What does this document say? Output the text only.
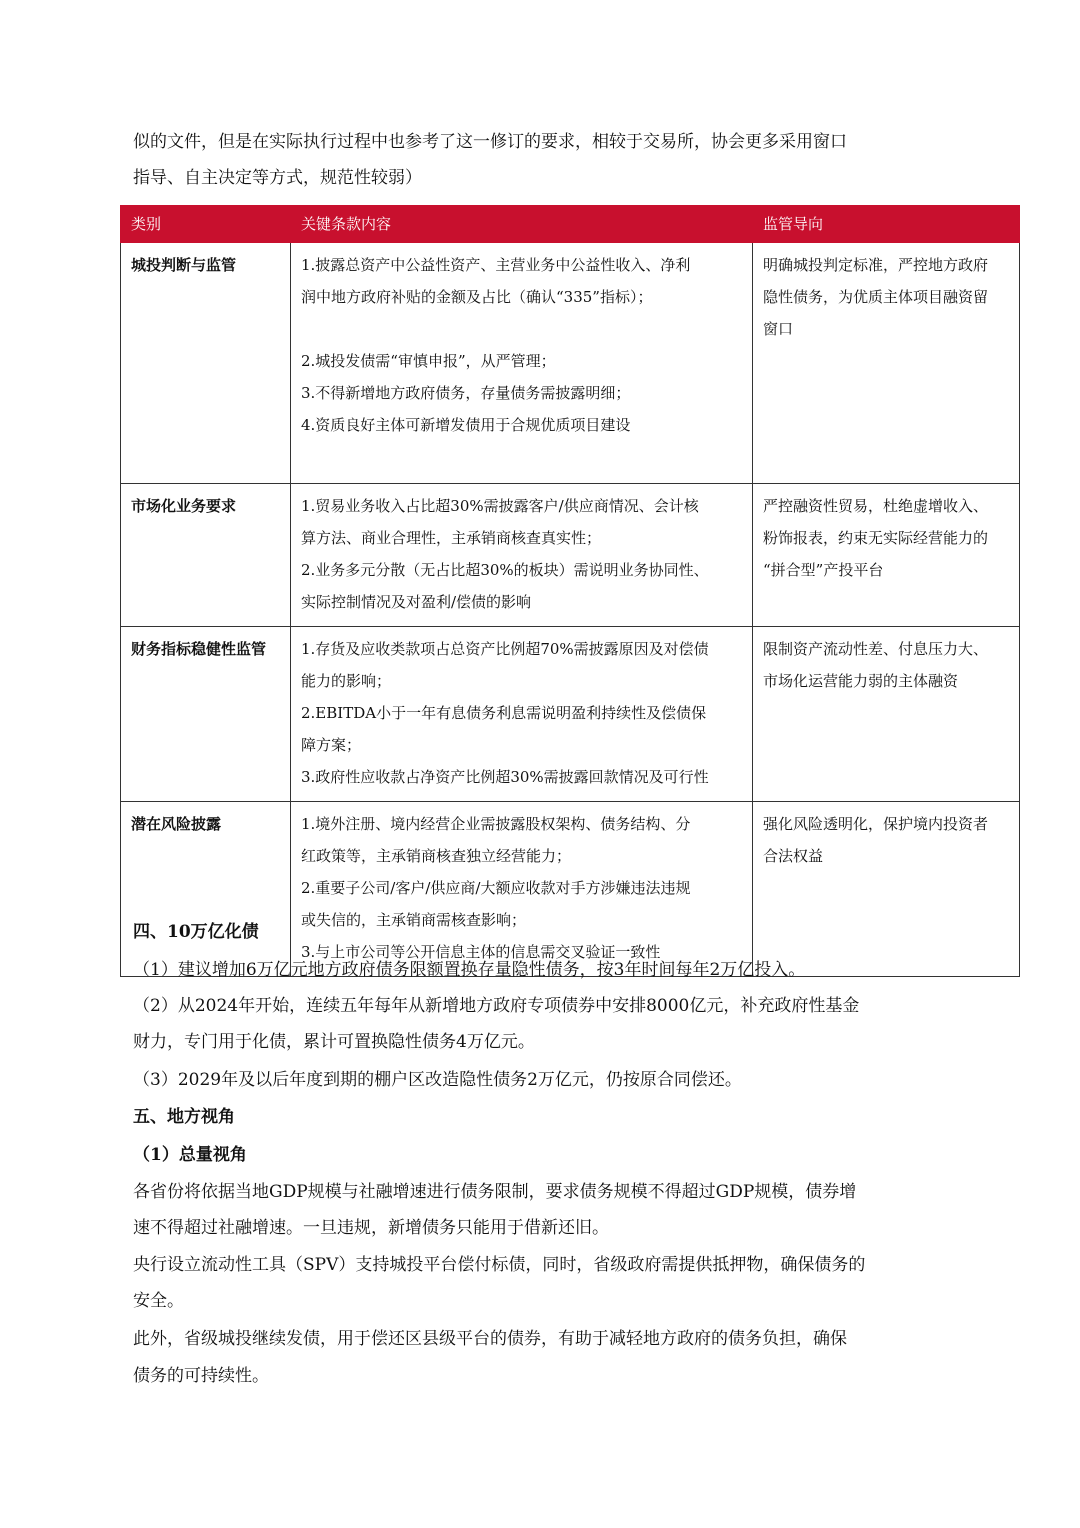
似的文件，但是在实际执行过程中也参考了这一修订的要求，相较于交易所，协会更多采用窗口

指导、自主决定等方式，规范性较弱）

类别	关键条款内容	监管导向
城投判断与监管	1.披露总资产中公益性资产、主营业务中公益性收入、净利
润中地方政府补贴的金额及占比（确认“335”指标）；
2.城投发债需“审慎申报”，从严管理；
3.不得新增地方政府债务，存量债务需披露明细；
4.资质良好主体可新增发债用于合规优质项目建设	明确城投判定标准，严控地方政府
隐性债务，为优质主体项目融资留
窗口

市场化业务要求	1.贸易业务收入占比超30%需披露客户/供应商情况、会计核
算方法、商业合理性，主承销商核查真实性；
2.业务多元分散（无占比超30%的板块）需说明业务协同性、
实际控制情况及对盈利/偿债的影响	严控融资性贸易，杜绝虚增收入、
粉饰报表，约束无实际经营能力的
“拼合型”产投平台

财务指标稳健性监管	1.存货及应收类款项占总资产比例超70%需披露原因及对偿债
能力的影响；
2.EBITDA小于一年有息债务利息需说明盈利持续性及偿债保
障方案；
3.政府性应收款占净资产比例超30%需披露回款情况及可行性	限制资产流动性差、付息压力大、
市场化运营能力弱的主体融资

潜在风险披露	1.境外注册、境内经营企业需披露股权架构、债务结构、分
红政策等，主承销商核查独立经营能力；
2.重要子公司/客户/供应商/大额应收款对手方涉嫌违法违规
或失信的，主承销商需核查影响；
3.与上市公司等公开信息主体的信息需交叉验证一致性	强化风险透明化，保护境内投资者
合法权益

四、10万亿化债

（1）建议增加6万亿元地方政府债务限额置换存量隐性债务，按3年时间每年2万亿投入。

（2）从2024年开始，连续五年每年从新增地方政府专项债券中安排8000亿元，补充政府性基金

财力，专门用于化债，累计可置换隐性债务4万亿元。

（3）2029年及以后年度到期的棚户区改造隐性债务2万亿元，仍按原合同偿还。

五、地方视角

（1）总量视角

各省份将依据当地GDP规模与社融增速进行债务限制，要求债务规模不得超过GDP规模，债券增

速不得超过社融增速。一旦违规，新增债务只能用于借新还旧。

央行设立流动性工具（SPV）支持城投平台偿付标债，同时，省级政府需提供抵押物，确保债务的

安全。

此外，省级城投继续发债，用于偿还区县级平台的债券，有助于减轻地方政府的债务负担，确保

债务的可持续性。
